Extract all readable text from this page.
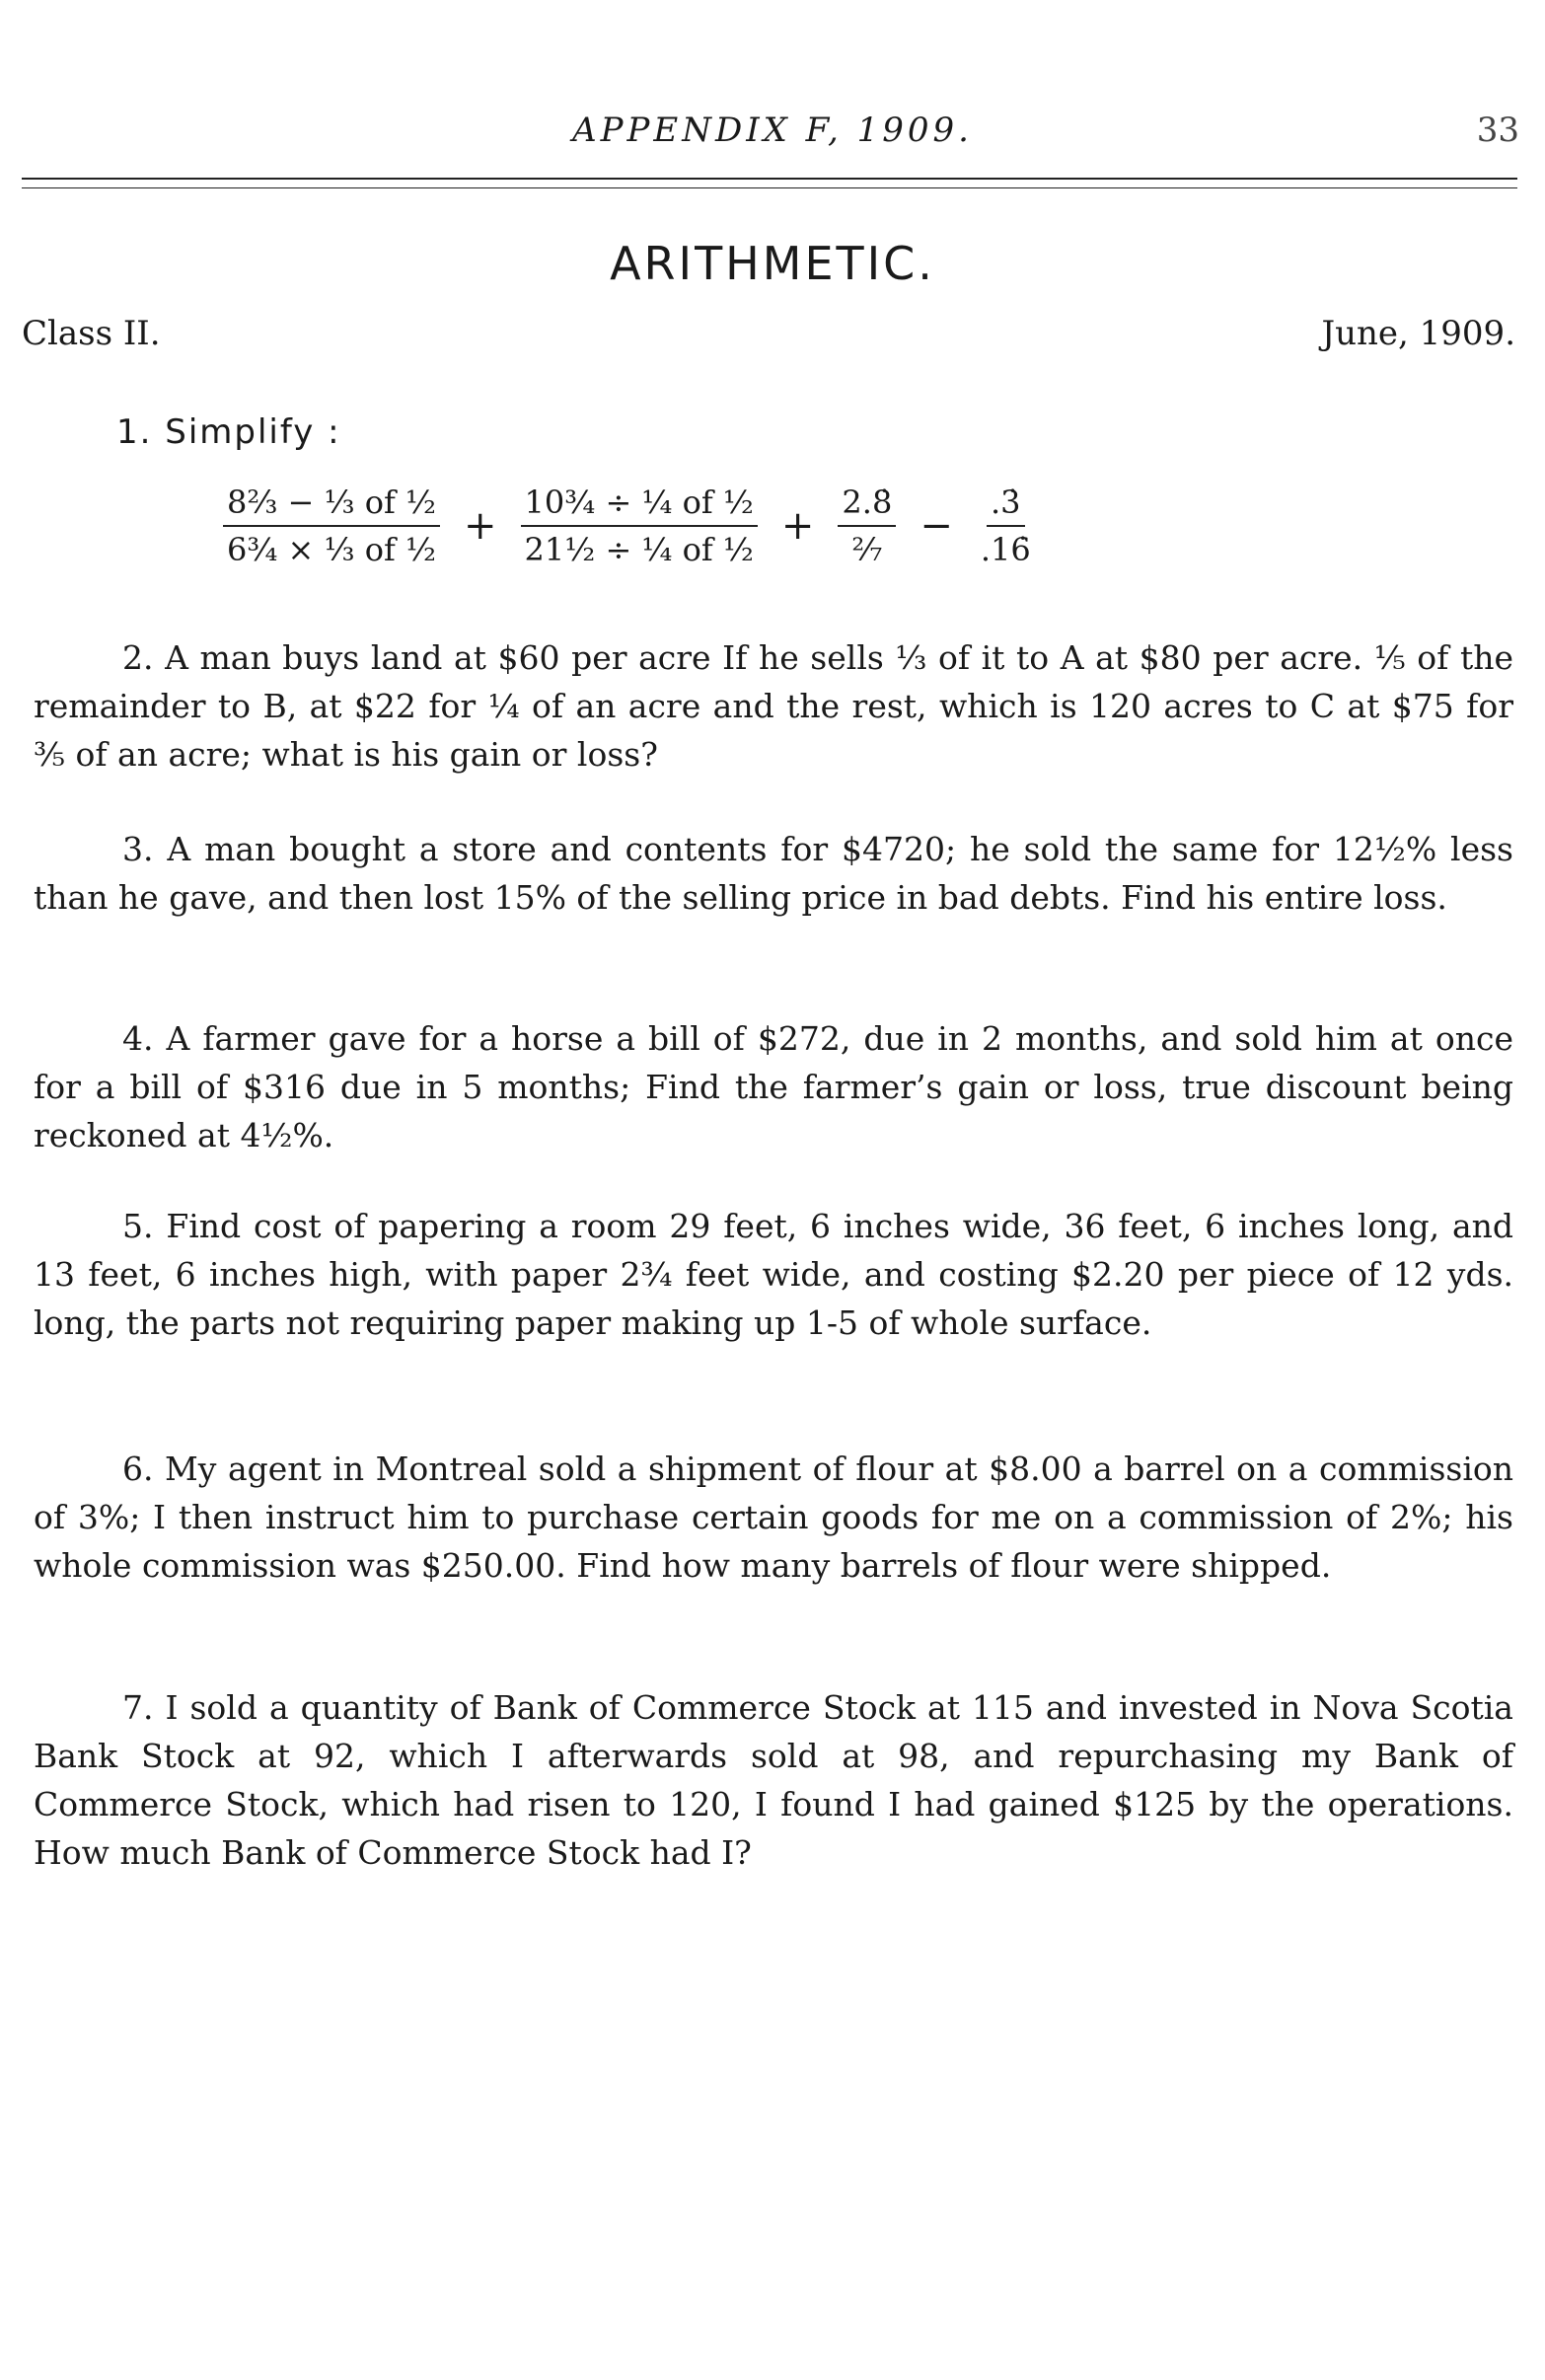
APPENDIX F, 1909.	33
ARITHMETIC.
Class II.	June, 1909.
1. Simplify :
$\frac{\text{8⅔ − ⅓ of ½}}{\text{6¾ × ⅓ of ½}} + \frac{\text{10¾ ÷ ¼ of ½}}{\text{21½ ÷ ¼ of ½}} + \frac{2.8̇}{\text{²⁄₇}} - \frac{.3̇}{.16̇}$
2. A man buys land at $60 per acre If he sells ⅓ of it to A at $80 per acre. ⅕ of the remainder to B, at $22 for ¼ of an acre and the rest, which is 120 acres to C at $75 for ⅗ of an acre; what is his gain or loss?
3. A man bought a store and contents for $4720; he sold the same for 12½% less than he gave, and then lost 15% of the selling price in bad debts. Find his entire loss.
4. A farmer gave for a horse a bill of $272, due in 2 months, and sold him at once for a bill of $316 due in 5 months; Find the farmer’s gain or loss, true discount being reckoned at 4½%.
5. Find cost of papering a room 29 feet, 6 inches wide, 36 feet, 6 inches long, and 13 feet, 6 inches high, with paper 2¾ feet wide, and costing $2.20 per piece of 12 yds. long, the parts not requiring paper making up 1-5 of whole surface.
6. My agent in Montreal sold a shipment of flour at $8.00 a barrel on a commission of 3%; I then instruct him to purchase certain goods for me on a commission of 2%; his whole commission was $250.00. Find how many barrels of flour were shipped.
7. I sold a quantity of Bank of Commerce Stock at 115 and invested in Nova Scotia Bank Stock at 92, which I afterwards sold at 98, and repurchasing my Bank of Commerce Stock, which had risen to 120, I found I had gained $125 by the operations. How much Bank of Commerce Stock had I?
